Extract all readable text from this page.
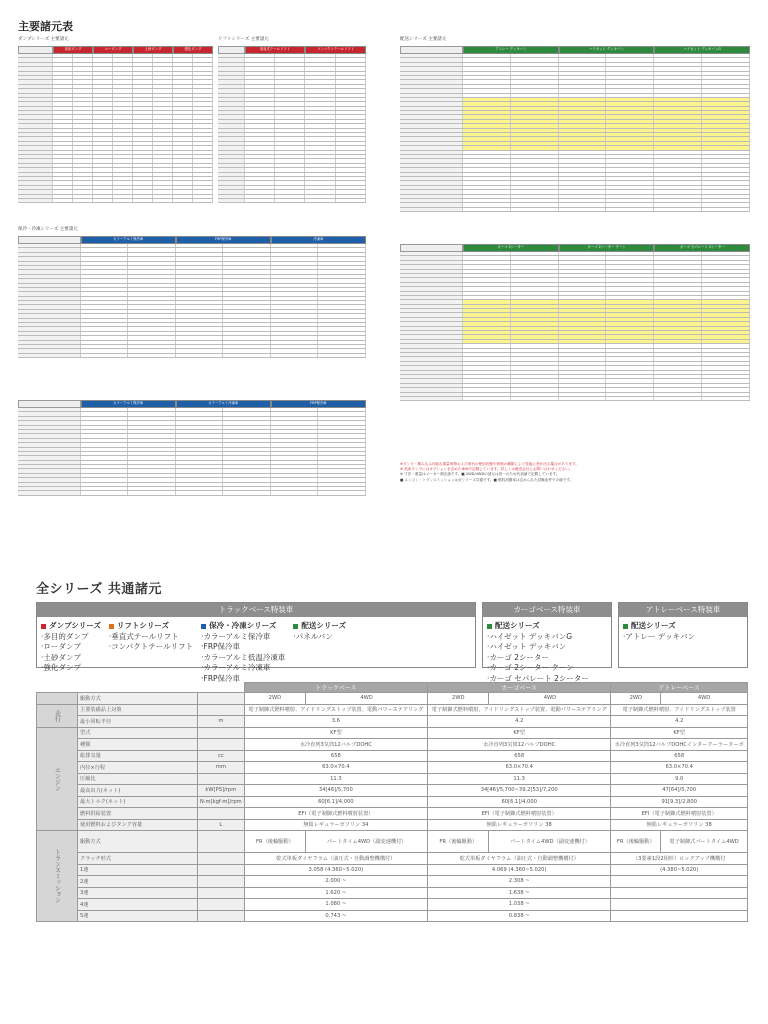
主要諸元表
ダンプシリーズ 主要諸元
高床ダンプ	ローダンプ	土砂ダンプ	強化ダンプ
リフトシリーズ 主要諸元
垂直式テールリフト	コンパクトテールリフト
配送シリーズ 主要諸元
アトレー デッキバン	ハイゼット デッキバン	ハイゼット デッキバンG
保冷・冷凍シリーズ 主要諸元
カラーアルミ保冷車	FRP保冷車	冷凍車
カーゴ 2シーター	カーゴ 2シーター クーン	カーゴ セパレート 2シーター
カラーアルミ保冷車	カラーアルミ冷凍車	FRP保冷車
※ダンプ・積み込み可能な重量荷物および荷台の使用状態や荷物の種類により性能に差が出る場合があります。
※ 高床ダンプにはオプションを含めた車両で記載しています。詳しくは販売会社にお問い合わせください。
※ 寸法・重量はメーカー測定値です。■ 2WD/4WDの諸元は同一のため代表値で記載しています。
■ エンジン・トランスミッションは全シリーズ共通です。■ 燃料消費率は定められた試験条件での値です。
全シリーズ 共通諸元
トラックベース特装車
ダンプシリーズ
·多目的ダンプ
·ローダンプ
·土砂ダンプ
·強化ダンプ
リフトシリーズ
·垂直式テールリフト
·コンパクトテールリフト
保冷・冷凍シリーズ
·カラーアルミ保冷車
·FRP保冷車
·カラーアルミ低温冷凍車
·カラーアルミ冷凍車
·FRP保冷車
配送シリーズ
·パネルバン
カーゴベース特装車
配送シリーズ
·ハイゼット デッキバンG
·ハイゼット デッキバン
·カーゴ 2シーター
·カーゴ 2シーター クーン
·カーゴ セパレート 2シーター
アトレーベース特装車
配送シリーズ
·アトレー デッキバン
			トラックベース		カーゴベース		アトレーベース	
	駆動方式		2WD	4WD	2WD	4WD	2WD	4WD
走行	主要装備品上対策		電子制御式燃料噴射、アイドリングストップ装置、電動パワーステアリング		電子制御式燃料噴射、アイドリングストップ装置、電動パワーステアリング		電子制御式燃料噴射、アイドリングストップ装置	
	最小回転半径	m	3.6		4.2		4.2	
エンジン	型式		KF型		KF型		KF型	
	種類		水冷直列3気筒12バルブDOHC		水冷直列3気筒12バルブDOHC		水冷直列3気筒12バルブDOHCインタークーラーターボ	
	総排気量	cc	658		658		658	
	内径×行程	mm	63.0×70.4		63.0×70.4		63.0×70.4	
	圧縮比		11.3		11.3		9.0	
	最高出力(ネット)	kW[PS]/rpm	34[46]/5,700		34[46]/5,700~39.2[53]/7,200		47[64]/5,700	
	最大トルク(ネット)	N·m[kgf·m]/rpm	60[6.1]/4,000		60[6.1]/4,000		91[9.3]/2,800	
	燃料供給装置		EFI（電子制御式燃料噴射装置）		EFI（電子制御式燃料噴射装置）		EFI（電子制御式燃料噴射装置）	
	使用燃料およびタンク容量	L	無鉛レギュラーガソリン 34		無鉛レギュラーガソリン 38		無鉛レギュラーガソリン 38	
トランスミッション	駆動方式		FR（後輪駆動）	パートタイム4WD（副変速機付）	FR（後輪駆動）	パートタイム4WD（副変速機付）	FR（後輪駆動）	電子制御式パートタイム4WD
	クラッチ形式		乾式単板ダイヤフラム（油圧式・自動調整機構付）		乾式単板ダイヤフラム（油圧式・自動調整機構付）		（3要素1段2相形）ロックアップ機構付	
	1速		3.058 (4.360~5.020)		4.069 (4.360~5.020)		(4.380~5.020)	
	2速		2.000 ~		2.308 ~			
	3速		1.620 ~		1.638 ~			
	4速		1.080 ~		1.038 ~			
	5速		0.743 ~		0.838 ~			
